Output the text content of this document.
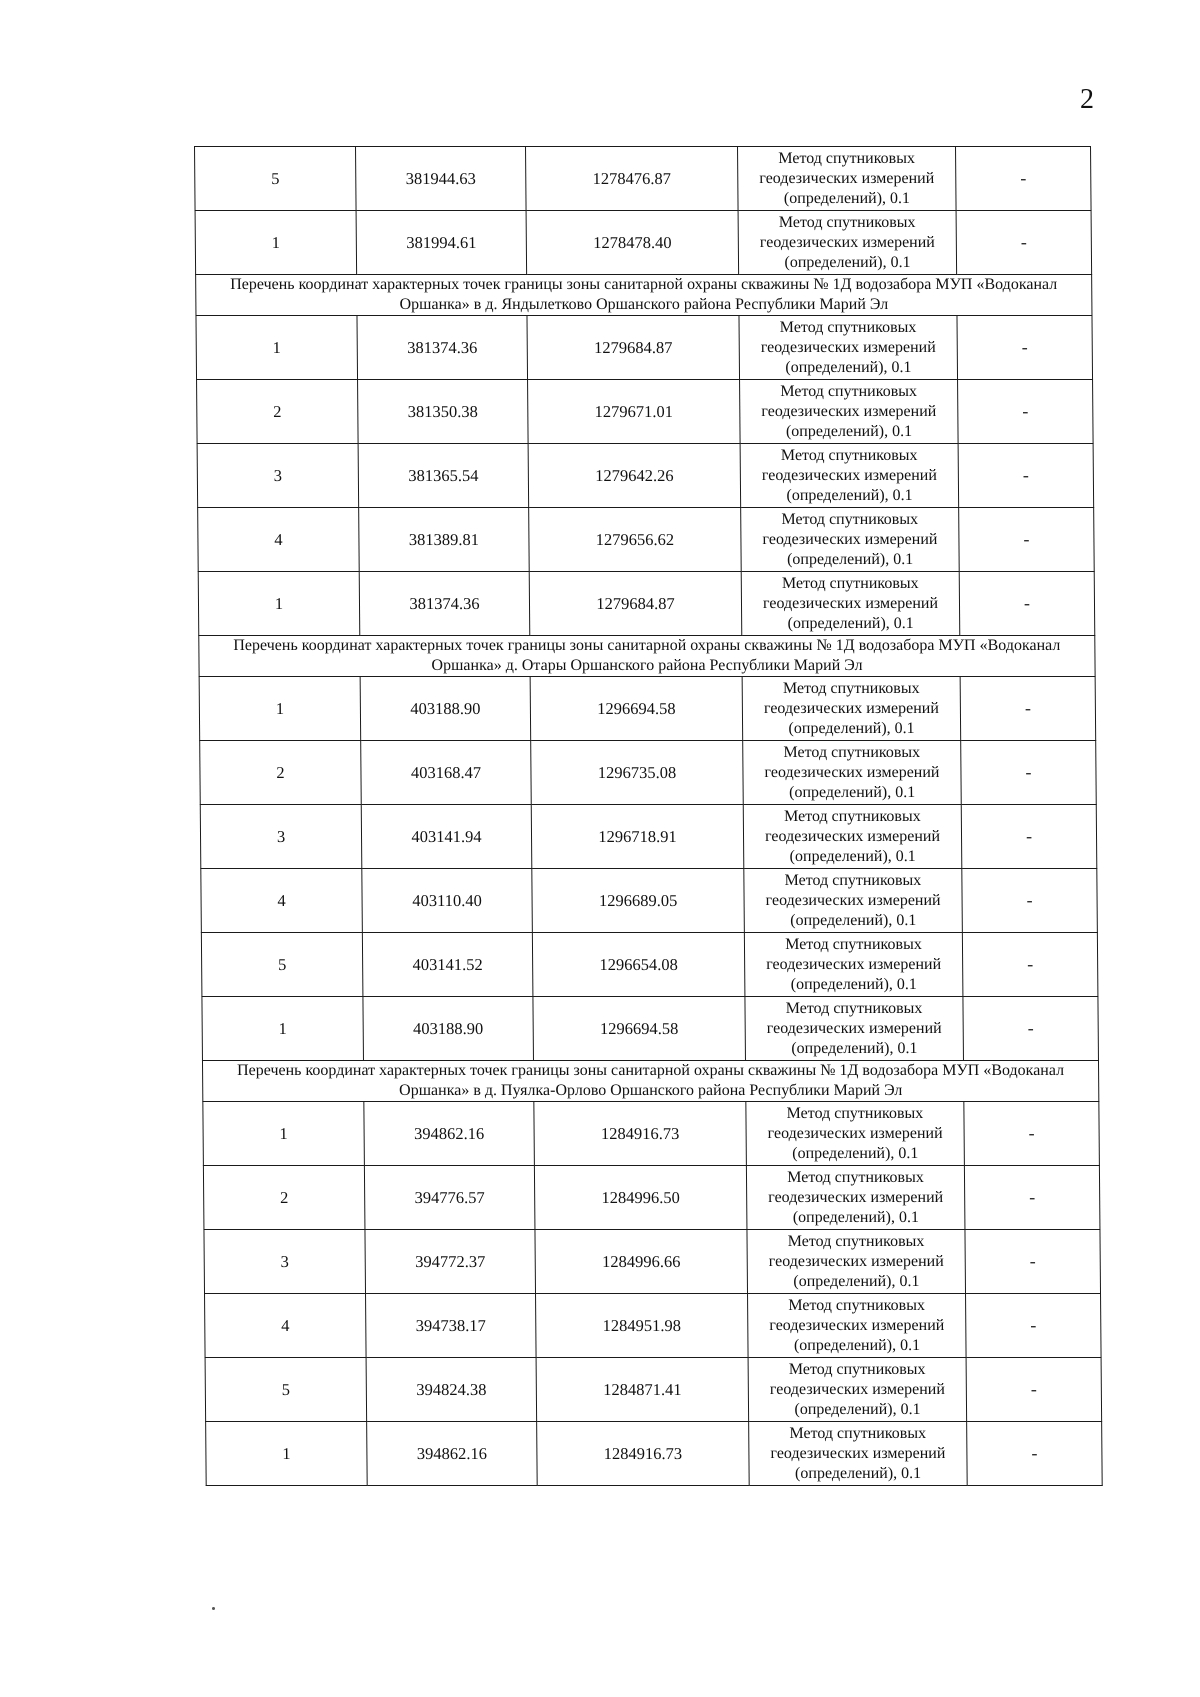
2
5	381944.63	1278476.87	Метод спутниковых
геодезических измерений
(определений), 0.1	-
1	381994.61	1278478.40	Метод спутниковых
геодезических измерений
(определений), 0.1	-
Перечень координат характерных точек границы зоны санитарной охраны скважины № 1Д водозабора МУП «Водоканал Оршанка» в д. Яндылетково Оршанского района Республики Марий Эл				
1	381374.36	1279684.87	Метод спутниковых
геодезических измерений
(определений), 0.1	-
2	381350.38	1279671.01	Метод спутниковых
геодезических измерений
(определений), 0.1	-
3	381365.54	1279642.26	Метод спутниковых
геодезических измерений
(определений), 0.1	-
4	381389.81	1279656.62	Метод спутниковых
геодезических измерений
(определений), 0.1	-
1	381374.36	1279684.87	Метод спутниковых
геодезических измерений
(определений), 0.1	-
Перечень координат характерных точек границы зоны санитарной охраны скважины № 1Д водозабора МУП «Водоканал Оршанка» д. Отары Оршанского района Республики Марий Эл				
1	403188.90	1296694.58	Метод спутниковых
геодезических измерений
(определений), 0.1	-
2	403168.47	1296735.08	Метод спутниковых
геодезических измерений
(определений), 0.1	-
3	403141.94	1296718.91	Метод спутниковых
геодезических измерений
(определений), 0.1	-
4	403110.40	1296689.05	Метод спутниковых
геодезических измерений
(определений), 0.1	-
5	403141.52	1296654.08	Метод спутниковых
геодезических измерений
(определений), 0.1	-
1	403188.90	1296694.58	Метод спутниковых
геодезических измерений
(определений), 0.1	-
Перечень координат характерных точек границы зоны санитарной охраны скважины № 1Д водозабора МУП «Водоканал Оршанка» в д. Пуялка-Орлово Оршанского района Республики Марий Эл				
1	394862.16	1284916.73	Метод спутниковых
геодезических измерений
(определений), 0.1	-
2	394776.57	1284996.50	Метод спутниковых
геодезических измерений
(определений), 0.1	-
3	394772.37	1284996.66	Метод спутниковых
геодезических измерений
(определений), 0.1	-
4	394738.17	1284951.98	Метод спутниковых
геодезических измерений
(определений), 0.1	-
5	394824.38	1284871.41	Метод спутниковых
геодезических измерений
(определений), 0.1	-
1	394862.16	1284916.73	Метод спутниковых
геодезических измерений
(определений), 0.1	-
